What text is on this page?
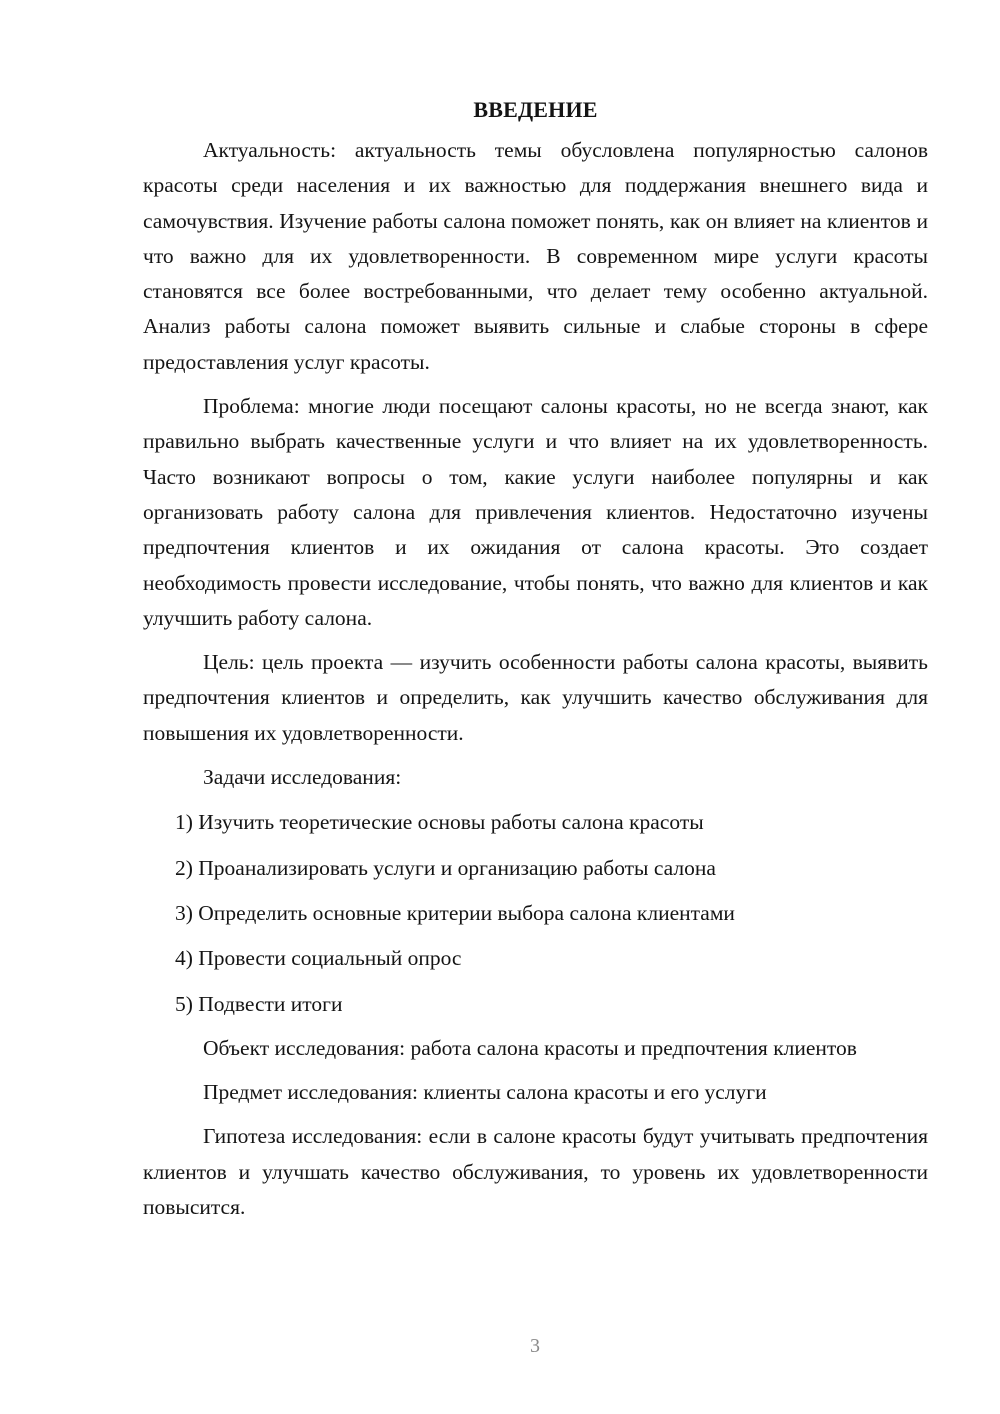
ВВЕДЕНИЕ

Актуальность: актуальность темы обусловлена популярностью салонов красоты среди населения и их важностью для поддержания внешнего вида и самочувствия. Изучение работы салона поможет понять, как он влияет на клиентов и что важно для их удовлетворенности. В современном мире услуги красоты становятся все более востребованными, что делает тему особенно актуальной. Анализ работы салона поможет выявить сильные и слабые стороны в сфере предоставления услуг красоты.

Проблема: многие люди посещают салоны красоты, но не всегда знают, как правильно выбрать качественные услуги и что влияет на их удовлетворенность. Часто возникают вопросы о том, какие услуги наиболее популярны и как организовать работу салона для привлечения клиентов. Недостаточно изучены предпочтения клиентов и их ожидания от салона красоты. Это создает необходимость провести исследование, чтобы понять, что важно для клиентов и как улучшить работу салона.

Цель: цель проекта — изучить особенности работы салона красоты, выявить предпочтения клиентов и определить, как улучшить качество обслуживания для повышения их удовлетворенности.

Задачи исследования:

1) Изучить теоретические основы работы салона красоты
2) Проанализировать услуги и организацию работы салона
3) Определить основные критерии выбора салона клиентами
4) Провести социальный опрос
5) Подвести итоги

Объект исследования: работа салона красоты и предпочтения клиентов

Предмет исследования: клиенты салона красоты и его услуги

Гипотеза исследования: если в салоне красоты будут учитывать предпочтения клиентов и улучшать качество обслуживания, то уровень их удовлетворенности повысится.

3
